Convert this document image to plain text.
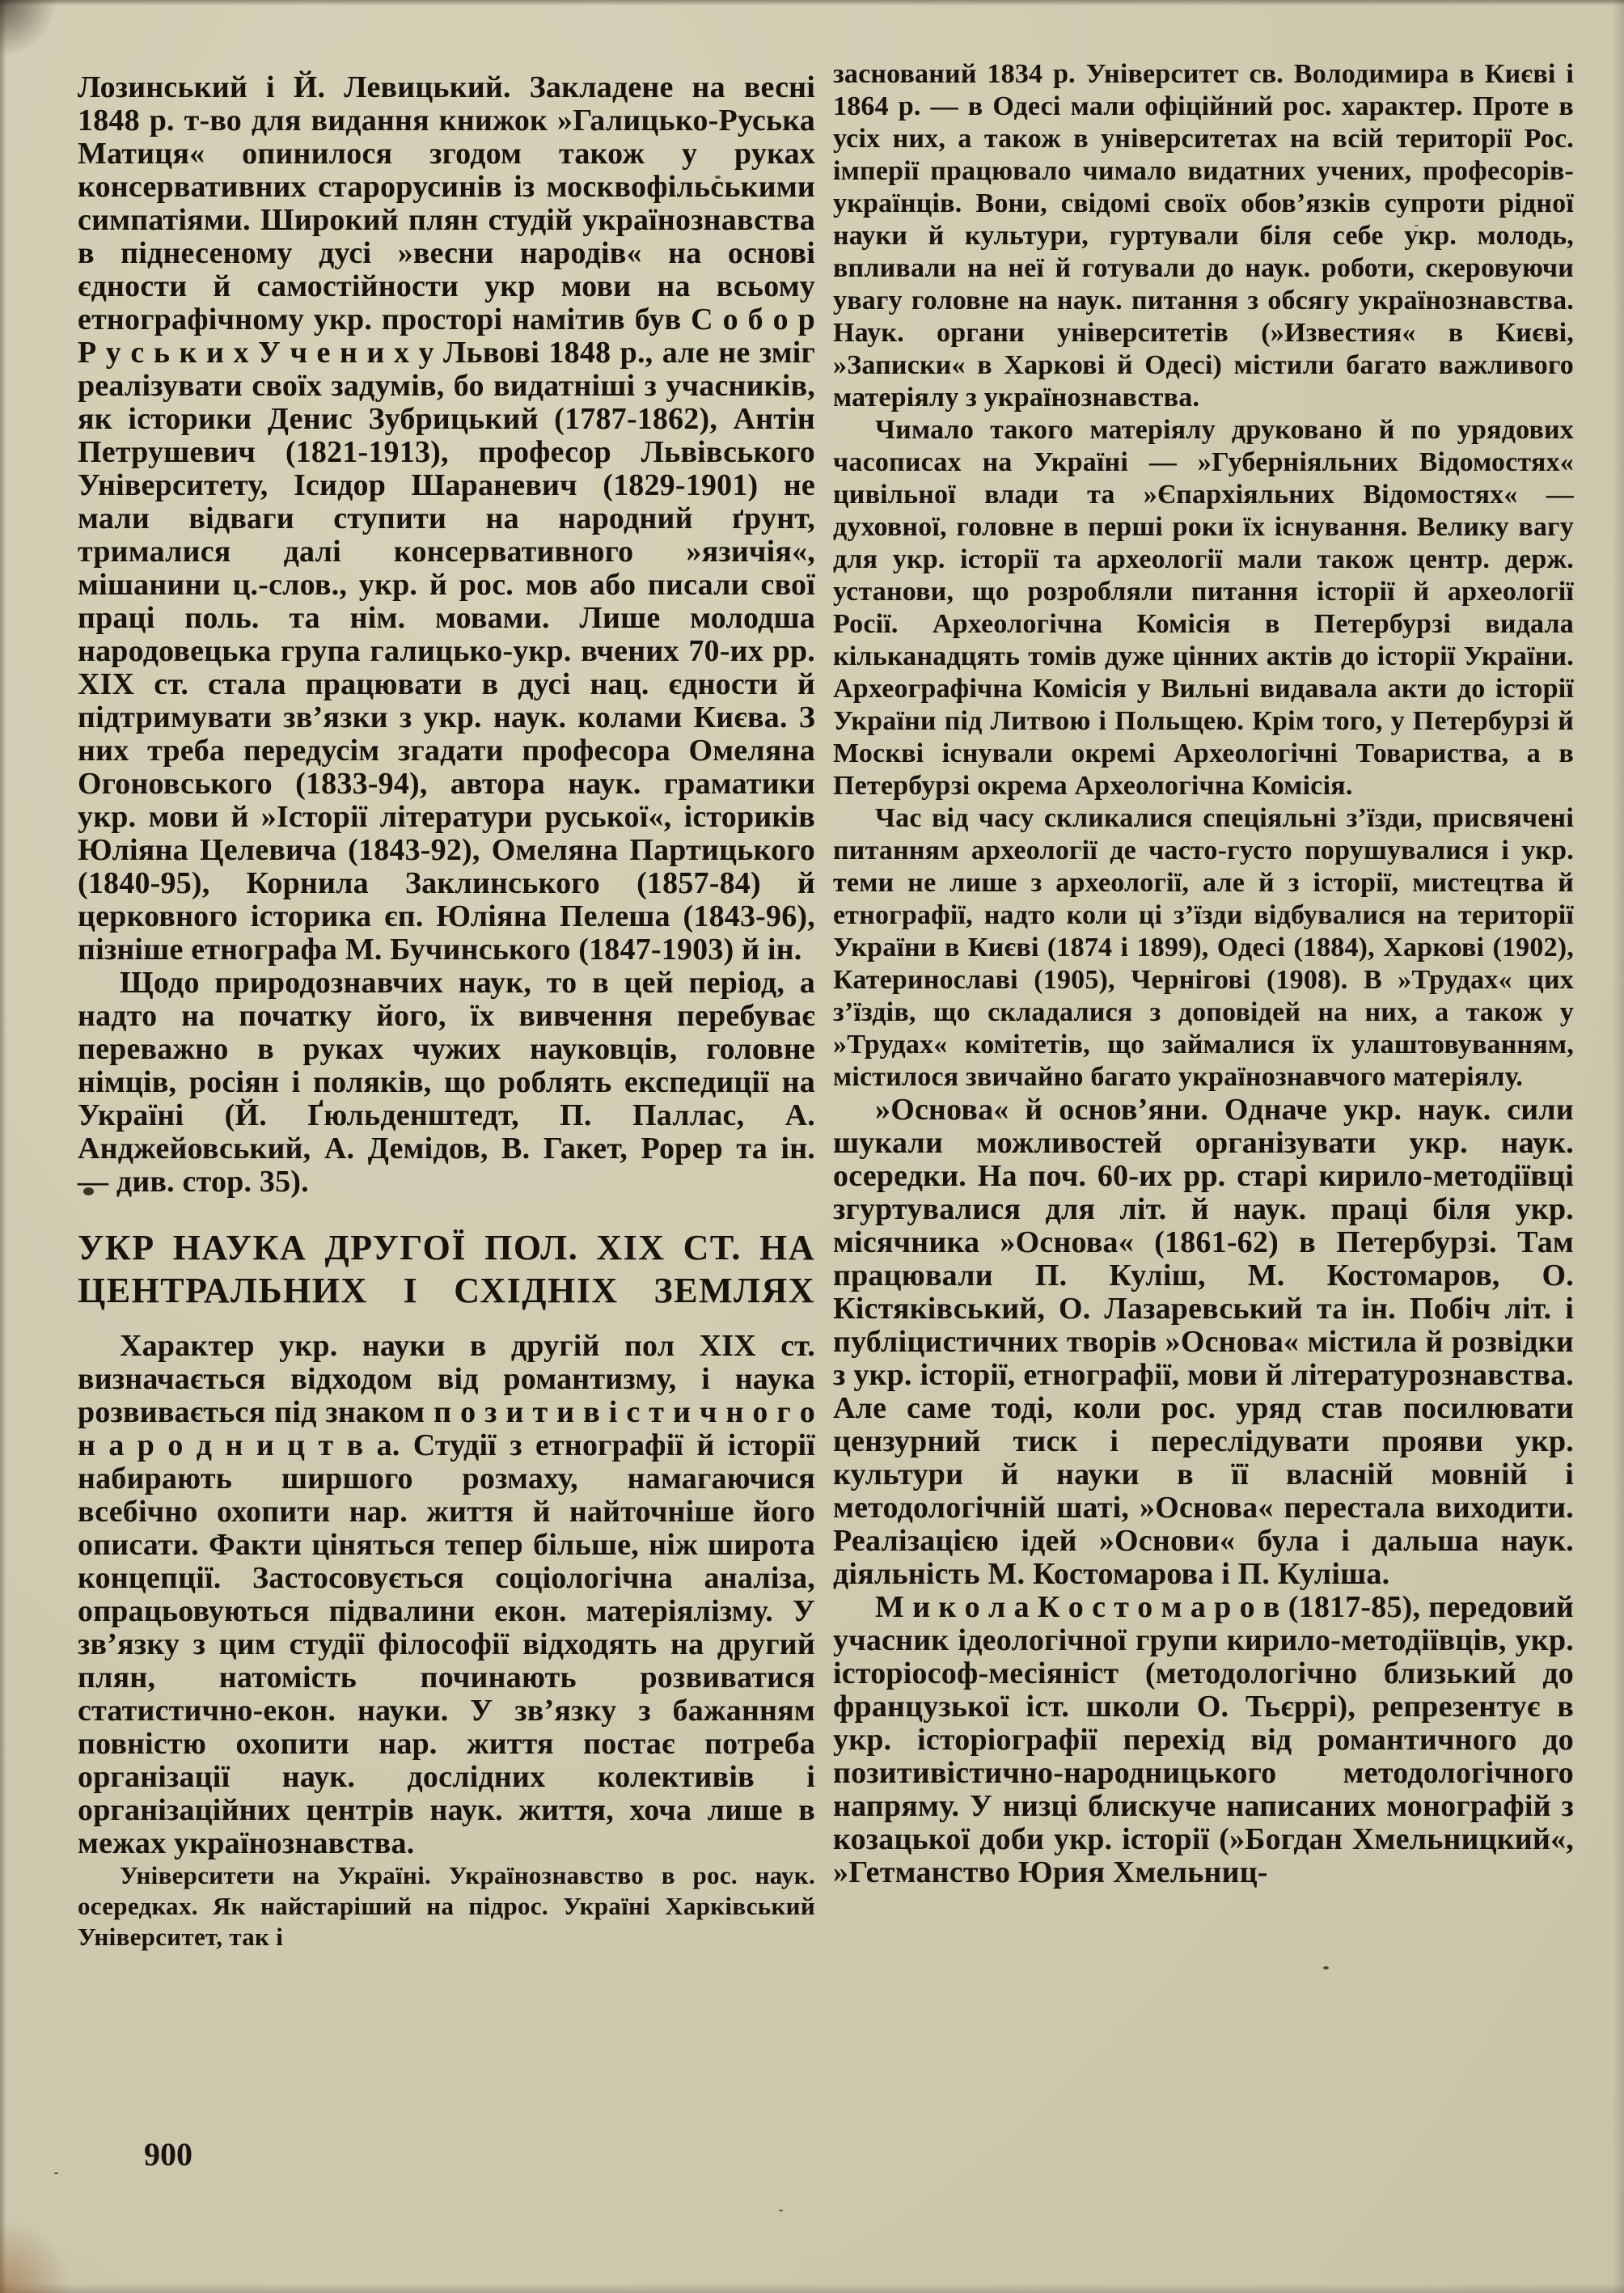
Лозинський і Й. Левицький. Закладене на весні 1848 р. т-во для видання книжок »Галицько-Руська Матиця« опинилося згодом також у руках консервативних старорусинів із москвофільськими симпатіями. Широкий плян студій українознавства в піднесеному дусі »весни народів« на основі єдности й самостійности укр мови на всьому етнографічному укр. просторі намітив був С о б о р Р у с ь к и х У ч е н и х у Львові 1848 р., але не зміг реалізувати своїх задумів, бо видатніші з учасників, як історики Денис Зубрицький (1787-1862), Антін Петрушевич (1821-1913), професор Львівського Університету, Ісидор Шараневич (1829-1901) не мали відваги ступити на народний ґрунт, трималися далі консервативного »язичія«, мішанини ц.-слов., укр. й рос. мов або писали свої праці поль. та нім. мовами. Лише молодша народовецька група галицько-укр. вчених 70-их рр. XIX ст. стала працювати в дусі нац. єдности й підтримувати зв’язки з укр. наук. колами Києва. З них треба передусім згадати професора Омеляна Огоновського (1833-94), автора наук. граматики укр. мови й »Історії літератури руської«, істориків Юліяна Целевича (1843-92), Омеляна Партицького (1840-95), Корнила Заклинського (1857-84) й церковного історика єп. Юліяна Пелеша (1843-96), пізніше етнографа М. Бучинського (1847-1903) й ін.

Щодо природознавчих наук, то в цей період, а надто на початку його, їх вивчення перебуває переважно в руках чужих науковців, головне німців, росіян і поляків, що роблять експедиції на Україні (Й. Ґюльденштедт, П. Паллас, А. Анджейовський, А. Демідов, В. Гакет, Рорер та ін. — див. стор. 35).

УКР НАУКА ДРУГОЇ ПОЛ. XIX СТ. НА
ЦЕНТРАЛЬНИХ І СХІДНІХ ЗЕМЛЯХ

Характер укр. науки в другій пол XIX ст. визначається відходом від романтизму, і наука розвивається під знаком п о з и т и в і с т и ч н о г о н а р о д н и ц т в а. Студії з етнографії й історії набирають ширшого розмаху, намагаючися всебічно охопити нар. життя й найточніше його описати. Факти ціняться тепер більше, ніж широта концепції. Застосовується соціологічна аналіза, опрацьовуються підвалини екон. матеріялізму. У зв’язку з цим студії філософії відходять на другий плян, натомість починають розвиватися статистично-екон. науки. У зв’язку з бажанням повністю охопити нар. життя постає потреба організації наук. дослідних колективів і організаційних центрів наук. життя, хоча лише в межах українознавства.

Університети на Україні. Українознавство в рос. наук. осередках. Як найстаріший на підрос. Україні Харківський Університет, так і

заснований 1834 р. Університет св. Володимира в Києві і 1864 р. — в Одесі мали офіційний рос. характер. Проте в усіх них, а також в університетах на всій території Рос. імперії працювало чимало видатних учених, професорів-українців. Вони, свідомі своїх обов’язків супроти рідної науки й культури, гуртували біля себе укр. молодь, впливали на неї й готували до наук. роботи, скеровуючи увагу головне на наук. питання з обсягу українознавства. Наук. органи університетів (»Известия« в Києві, »Записки« в Харкові й Одесі) містили багато важливого матеріялу з українознавства.

Чимало такого матеріялу друковано й по урядових часописах на Україні — »Губерніяльних Відомостях« цивільної влади та »Єпархіяльних Відомостях« — духовної, головне в перші роки їх існування. Велику вагу для укр. історії та археології мали також центр. держ. установи, що розробляли питання історії й археології Росії. Археологічна Комісія в Петербурзі видала кільканадцять томів дуже цінних актів до історії України. Археографічна Комісія у Вильні видавала акти до історії України під Литвою і Польщею. Крім того, у Петербурзі й Москві існували окремі Археологічні Товариства, а в Петербурзі окрема Археологічна Комісія.

Час від часу скликалися спеціяльні з’їзди, присвячені питанням археології де часто-густо порушувалися і укр. теми не лише з археології, але й з історії, мистецтва й етнографії, надто коли ці з’їзди відбувалися на території України в Києві (1874 і 1899), Одесі (1884), Харкові (1902), Катеринославі (1905), Чернігові (1908). В »Трудах« цих з’їздів, що складалися з доповідей на них, а також у »Трудах« комітетів, що займалися їх улаштовуванням, містилося звичайно багато українознавчого матеріялу.

»Основа« й основ’яни. Одначе укр. наук. сили шукали можливостей організувати укр. наук. осередки. На поч. 60-их рр. старі кирило-методіївці згуртувалися для літ. й наук. праці біля укр. місячника »Основа« (1861-62) в Петербурзі. Там працювали П. Куліш, М. Костомаров, О. Кістяківський, О. Лазаревський та ін. Побіч літ. і публіцистичних творів »Основа« містила й розвідки з укр. історії, етнографії, мови й літературознавства. Але саме тоді, коли рос. уряд став посилювати цензурний тиск і переслідувати прояви укр. культури й науки в її власній мовній і методологічній шаті, »Основа« перестала виходити. Реалізацією ідей »Основи« була і дальша наук. діяльність М. Костомарова і П. Куліша.

М и к о л а К о с т о м а р о в (1817-85), передовий учасник ідеологічної групи кирило-методіївців, укр. історіософ-месіяніст (методологічно близький до французької іст. школи О. Тьєррі), репрезентує в укр. історіографії перехід від романтичного до позитивістично-народницького методологічного напряму. У низці блискуче написаних монографій з козацької доби укр. історії (»Богдан Хмельницкий«, »Гетманство Юрия Хмельниц-

900
